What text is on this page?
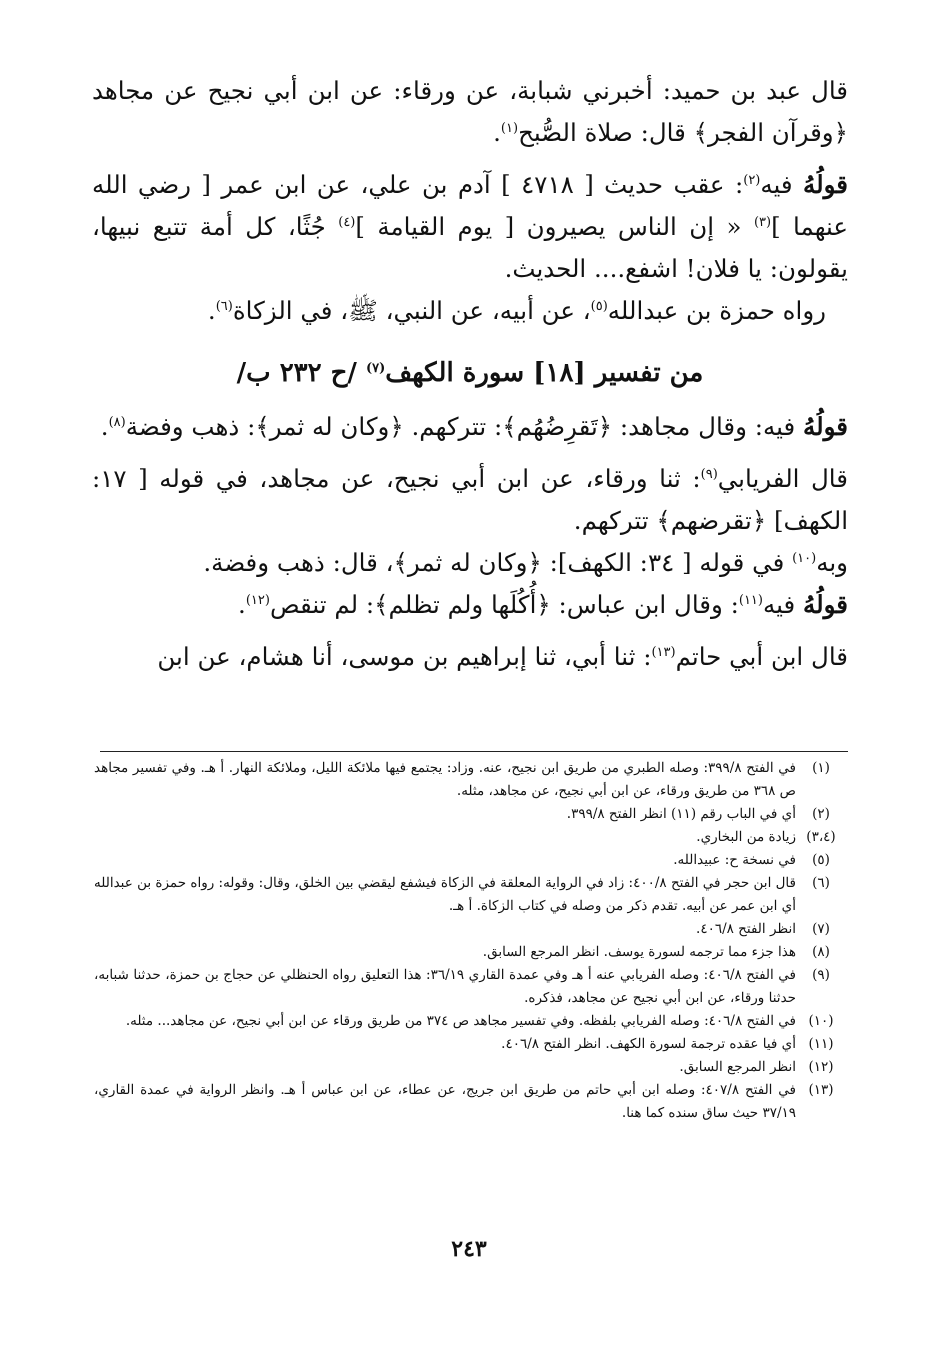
قال عبد بن حميد: أخبرني شبابة، عن ورقاء: عن ابن أبي نجيح عن مجاهد ﴿وقرآن الفجر﴾ قال: صلاة الصُّبح$^{(١)}$.

قولُهُ فيه$^{(٢)}$: عقب حديث [ ٤٧١٨ ] آدم بن علي، عن ابن عمر [ رضي الله عنهما ]$^{(٣)}$ « إن الناس يصيرون [ يوم القيامة ]$^{(٤)}$ جُثًا، كل أمة تتبع نبيها، يقولون: يا فلان! اشفع.... الحديث.

رواه حمزة بن عبدالله$^{(٥)}$، عن أبيه، عن النبي، ﷺ، في الزكاة$^{(٦)}$.

من تفسير [١٨] سورة الكهف$^{(٧)}$ /ح ٢٣٢ ب/

قولُهُ فيه: وقال مجاهد: ﴿تَقرِضُهُم﴾: تتركهم. ﴿وكان له ثمر﴾: ذهب وفضة$^{(٨)}$.

قال الفريابي$^{(٩)}$: ثنا ورقاء، عن ابن أبي نجيح، عن مجاهد، في قوله [ ١٧: الكهف] ﴿تقرضهم﴾ تتركهم.

وبه$^{(١٠)}$ في قوله [ ٣٤: الكهف]: ﴿وكان له ثمر﴾، قال: ذهب وفضة.

قولُهُ فيه$^{(١١)}$: وقال ابن عباس: ﴿أُكُلَها ولم تظلم﴾: لم تنقص$^{(١٢)}$.

قال ابن أبي حاتم$^{(١٣)}$: ثنا أبي، ثنا إبراهيم بن موسى، أنا هشام، عن ابن

(١)
في الفتح ٣٩٩/٨: وصله الطبري من طريق ابن نجيح، عنه. وزاد: يجتمع فيها ملائكة الليل، وملائكة النهار. أ هـ. وفي تفسير مجاهد ص ٣٦٨ من طريق ورقاء، عن ابن أبي نجيح، عن مجاهد، مثله.
(٢)
أي في الباب رقم (١١) انظر الفتح ٣٩٩/٨.
(٣،٤)
زيادة من البخاري.
(٥)
في نسخة ح: عبيدالله.
(٦)
قال ابن حجر في الفتح ٤٠٠/٨: زاد في الرواية المعلقة في الزكاة فيشفع ليقضي بين الخلق، وقال: وقوله: رواه حمزة بن عبدالله أي ابن عمر عن أبيه. تقدم ذكر من وصله في كتاب الزكاة. أ هـ.
(٧)
انظر الفتح ٤٠٦/٨.
(٨)
هذا جزء مما ترجمه لسورة يوسف. انظر المرجع السابق.
(٩)
في الفتح ٤٠٦/٨: وصله الفريابي عنه أ هـ وفي عمدة القاري ٣٦/١٩: هذا التعليق رواه الحنظلي عن حجاج بن حمزة، حدثنا شبابه، حدثنا ورقاء، عن ابن أبي نجيح عن مجاهد، فذكره.
(١٠)
في الفتح ٤٠٦/٨: وصله الفريابي بلفظه. وفي تفسير مجاهد ص ٣٧٤ من طريق ورقاء عن ابن أبي نجيح، عن مجاهد... مثله.
(١١)
أي فيا عقده ترجمة لسورة الكهف. انظر الفتح ٤٠٦/٨.
(١٢)
انظر المرجع السابق.
(١٣)
في الفتح ٤٠٧/٨: وصله ابن أبي حاتم من طريق ابن جريج، عن عطاء، عن ابن عباس أ هـ. وانظر الرواية في عمدة القاري، ٣٧/١٩ حيث ساق سنده كما هنا.
٢٤٣
